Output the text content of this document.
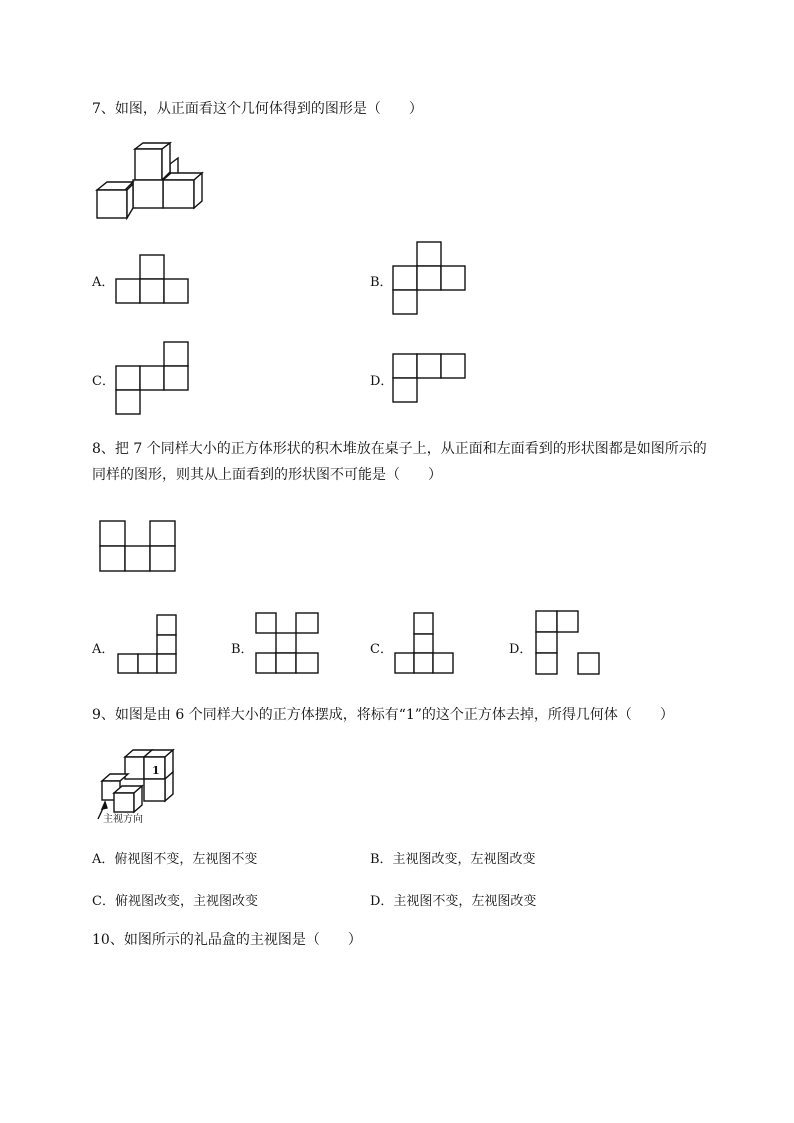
7、如图，从正面看这个几何体得到的图形是（　　）
A．	B．
C．	D．
8、把 7 个同样大小的正方体形状的积木堆放在桌子上，从正面和左面看到的形状图都是如图所示的
同样的图形，则其从上面看到的形状图不可能是（　　）
A．	B．	C．	D．
9、如图是由 6 个同样大小的正方体摆成，将标有“1”的这个正方体去掉，所得几何体（　　）
1
主视方向
A．俯视图不变，左视图不变	B．主视图改变，左视图改变
C．俯视图改变，主视图改变	D．主视图不变，左视图改变
10、如图所示的礼品盒的主视图是（　　）
